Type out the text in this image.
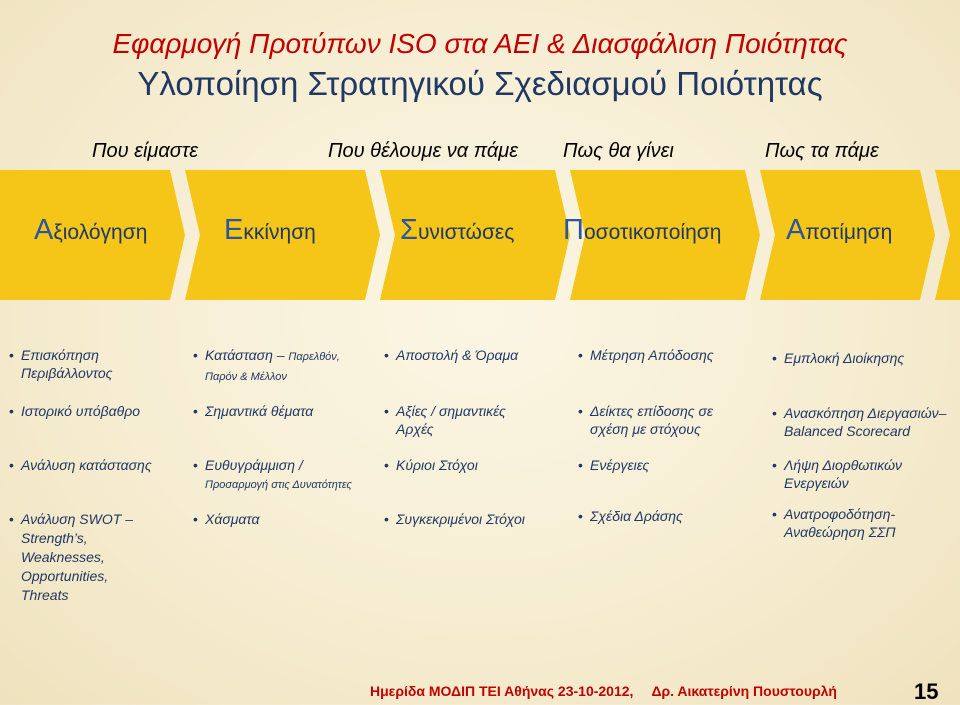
Εφαρμογή Προτύπων ISO στα ΑΕΙ & Διασφάλιση Ποιότητας
Υλοποίηση Στρατηγικού Σχεδιασμού Ποιότητας
Που είμαστε	Που θέλουμε να πάμε Πως θα γίνει	Πως τα πάμε
Αξιολόγηση	Εκκίνηση	Συνιστώσες Ποσοτικοποίηση Αποτίμηση
• Επισκόπηση
Περιβάλλοντος
• Ιστορικό υπόβαθρο
• Ανάλυση κατάστασης
• Ανάλυση SWOT –
Strength’s,
Weaknesses,
Opportunities,
Threats
• Κατάσταση – Παρελθόν,
Παρόν & Μέλλον
• Σημαντικά θέματα
• Ευθυγράμμιση /
Προσαρμογή στις Δυνατότητες
• Χάσματα
• Αποστολή & Όραμα
• Αξίες / σημαντικές
Αρχές
• Κύριοι Στόχοι
• Συγκεκριμένοι Στόχοι
• Μέτρηση Απόδοσης
• Δείκτες επίδοσης σε
σχέση με στόχους
• Ενέργειες
• Σχέδια Δράσης
• Εμπλοκή Διοίκησης
• Ανασκόπηση Διεργασιών–
Balanced Scorecard
• Λήψη Διορθωτικών
Ενεργειών
• Ανατροφοδότηση-
Αναθεώρηση ΣΣΠ
Ημερίδα ΜΟΔΙΠ ΤΕΙ Αθήνας 23-10-2012, Δρ. Αικατερίνη Πουστουρλή	15
